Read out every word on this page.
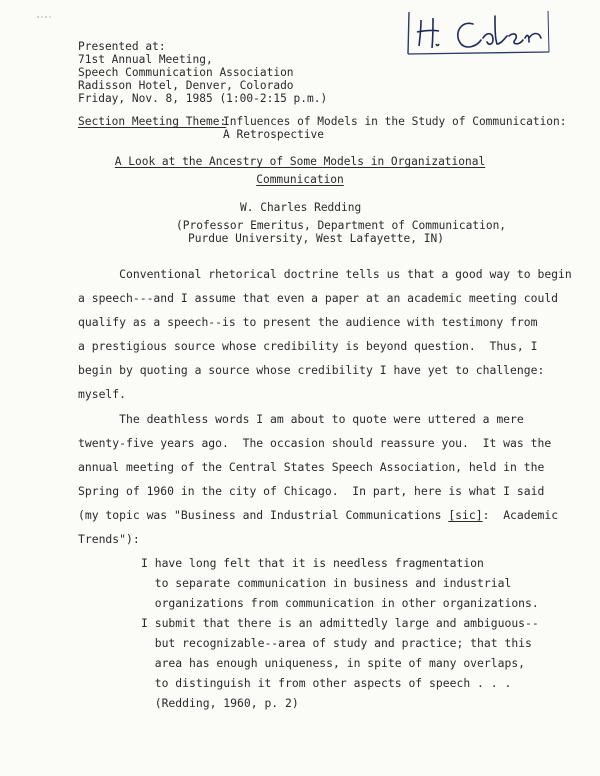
Presented at:
71st Annual Meeting,
Speech Communication Association
Radisson Hotel, Denver, Colorado
Friday, Nov. 8, 1985 (1:00-2:15 p.m.)
Section Meeting Theme:
Influences of Models in the Study of Communication:
A Retrospective
A Look at the Ancestry of Some Models in Organizational
Communication
W. Charles Redding
(Professor Emeritus, Department of Communication,
Purdue University, West Lafayette, IN)
Conventional rhetorical doctrine tells us that a good way to begin
a speech---and I assume that even a paper at an academic meeting could
qualify as a speech--is to present the audience with testimony from
a prestigious source whose credibility is beyond question.  Thus, I
begin by quoting a source whose credibility I have yet to challenge:
myself.
The deathless words I am about to quote were uttered a mere
twenty-five years ago.  The occasion should reassure you.  It was the
annual meeting of the Central States Speech Association, held in the
Spring of 1960 in the city of Chicago.  In part, here is what I said
(my topic was "Business and Industrial Communications [sic]:  Academic
Trends"):
I have long felt that it is needless fragmentation
to separate communication in business and industrial
organizations from communication in other organizations.
I submit that there is an admittedly large and ambiguous--
but recognizable--area of study and practice; that this
area has enough uniqueness, in spite of many overlaps,
to distinguish it from other aspects of speech . . .
(Redding, 1960, p. 2)
